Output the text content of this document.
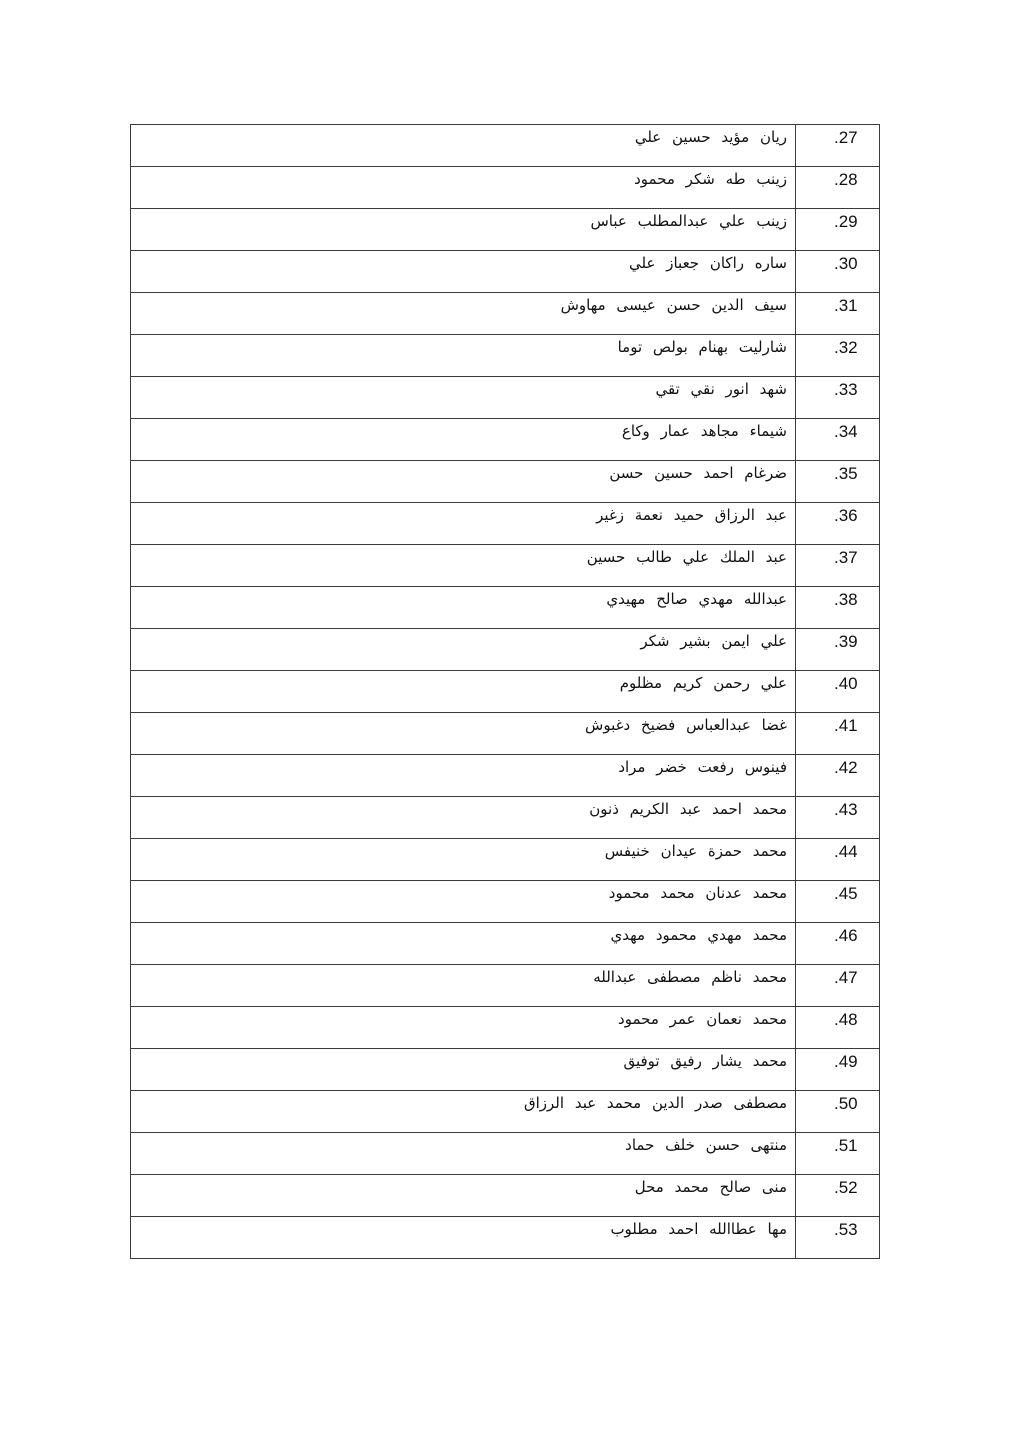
ريان مؤيد حسين علي	.27
زينب طه شكر محمود	.28
زينب علي عبدالمطلب عباس	.29
ساره راكان جعباز علي	.30
سيف الدين حسن عيسى مهاوش	.31
شارليت بهنام بولص توما	.32
شهد انور نقي تقي	.33
شيماء مجاهد عمار وكاع	.34
ضرغام احمد حسين حسن	.35
عبد الرزاق حميد نعمة زغير	.36
عبد الملك علي طالب حسين	.37
عبدالله مهدي صالح مهيدي	.38
علي ايمن بشير شكر	.39
علي رحمن كريم مظلوم	.40
غضا عبدالعباس فضيخ دغبوش	.41
فينوس رفعت خضر مراد	.42
محمد احمد عبد الكريم ذنون	.43
محمد حمزة عيدان خنيفس	.44
محمد عدنان محمد محمود	.45
محمد مهدي محمود مهدي	.46
محمد ناظم مصطفى عبدالله	.47
محمد نعمان عمر محمود	.48
محمد يشار رفيق توفيق	.49
مصطفى صدر الدين محمد عبد الرزاق	.50
منتهى حسن خلف حماد	.51
منى صالح محمد محل	.52
مها عطاالله احمد مطلوب	.53
